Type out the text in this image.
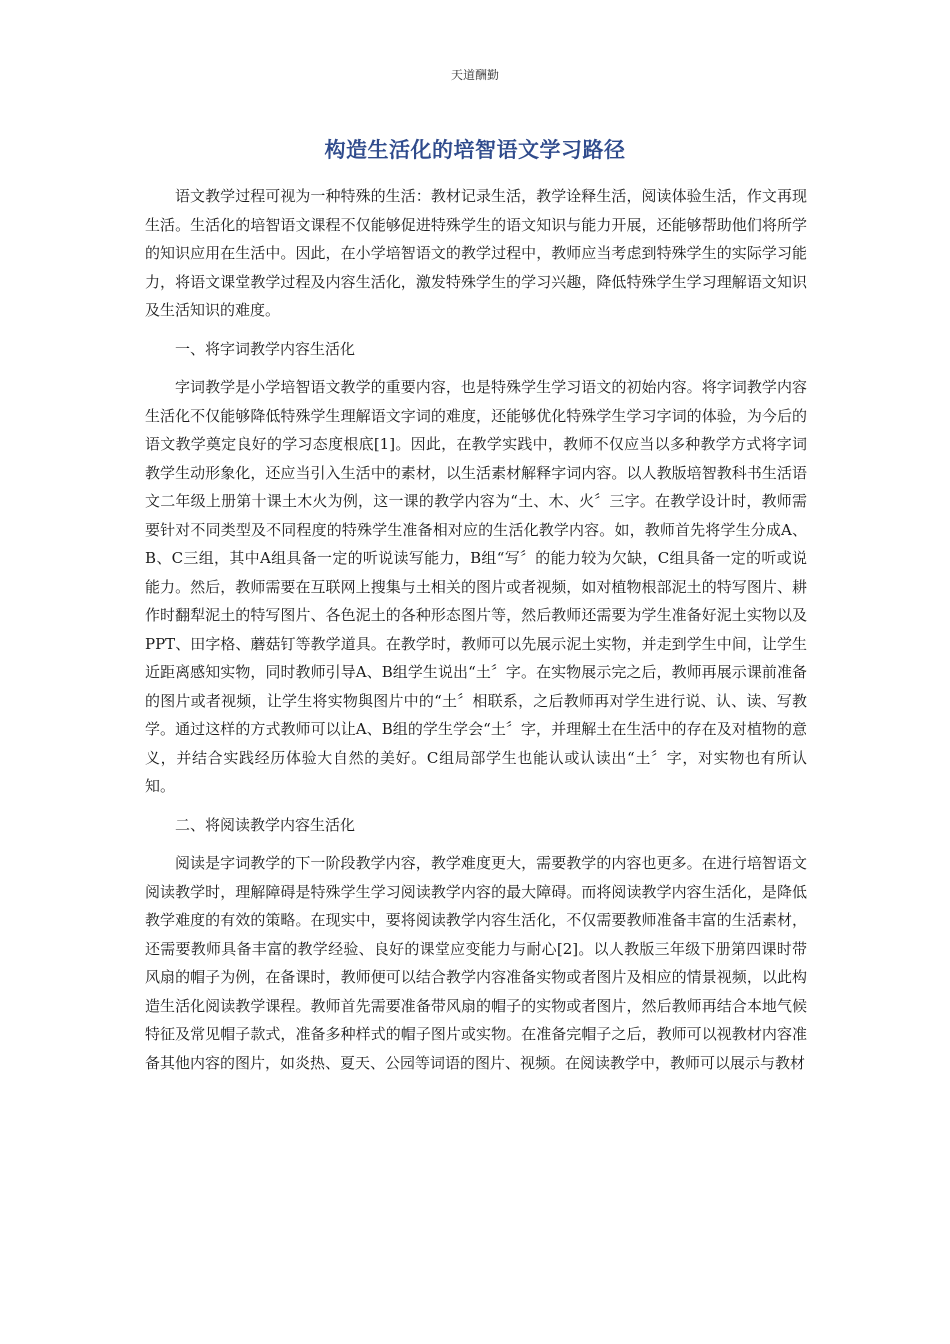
天道酬勤
构造生活化的培智语文学习路径

语文教学过程可视为一种特殊的生活：教材记录生活，教学诠释生活，阅读体验生活，作文再现生活。生活化的培智语文课程不仅能够促进特殊学生的语文知识与能力开展，还能够帮助他们将所学的知识应用在生活中。因此，在小学培智语文的教学过程中，教师应当考虑到特殊学生的实际学习能力，将语文课堂教学过程及内容生活化，激发特殊学生的学习兴趣，降低特殊学生学习理解语文知识及生活知识的难度。

一、将字词教学内容生活化

字词教学是小学培智语文教学的重要内容，也是特殊学生学习语文的初始内容。将字词教学内容生活化不仅能够降低特殊学生理解语文字词的难度，还能够优化特殊学生学习字词的体验，为今后的语文教学奠定良好的学习态度根底[1]。因此，在教学实践中，教师不仅应当以多种教学方式将字词教学生动形象化，还应当引入生活中的素材，以生活素材解释字词内容。以人教版培智教科书生活语文二年级上册第十课土木火为例，这一课的教学内容为“土、木、火〞三字。在教学设计时，教师需要针对不同类型及不同程度的特殊学生准备相对应的生活化教学内容。如，教师首先将学生分成A、B、C三组，其中A组具备一定的听说读写能力，B组“写〞的能力较为欠缺，C组具备一定的听或说能力。然后，教师需要在互联网上搜集与土相关的图片或者视频，如对植物根部泥土的特写图片、耕作时翻犁泥土的特写图片、各色泥土的各种形态图片等，然后教师还需要为学生准备好泥土实物以及PPT、田字格、蘑菇钉等教学道具。在教学时，教师可以先展示泥土实物，并走到学生中间，让学生近距离感知实物，同时教师引导A、B组学生说出“土〞字。在实物展示完之后，教师再展示课前准备的图片或者视频，让学生将实物與图片中的“土〞相联系，之后教师再对学生进行说、认、读、写教学。通过这样的方式教师可以让A、B组的学生学会“土〞字，并理解土在生活中的存在及对植物的意义，并结合实践经历体验大自然的美好。C组局部学生也能认或认读出“土〞字，对实物也有所认知。

二、将阅读教学内容生活化

阅读是字词教学的下一阶段教学内容，教学难度更大，需要教学的内容也更多。在进行培智语文阅读教学时，理解障碍是特殊学生学习阅读教学内容的最大障碍。而将阅读教学内容生活化，是降低教学难度的有效的策略。在现实中，要将阅读教学内容生活化，不仅需要教师准备丰富的生活素材，还需要教师具备丰富的教学经验、良好的课堂应变能力与耐心[2]。以人教版三年级下册第四课时带风扇的帽子为例，在备课时，教师便可以结合教学内容准备实物或者图片及相应的情景视频，以此构造生活化阅读教学课程。教师首先需要准备带风扇的帽子的实物或者图片，然后教师再结合本地气候特征及常见帽子款式，准备多种样式的帽子图片或实物。在准备完帽子之后，教师可以视教材内容准备其他内容的图片，如炎热、夏天、公园等词语的图片、视频。在阅读教学中，教师可以展示与教材
